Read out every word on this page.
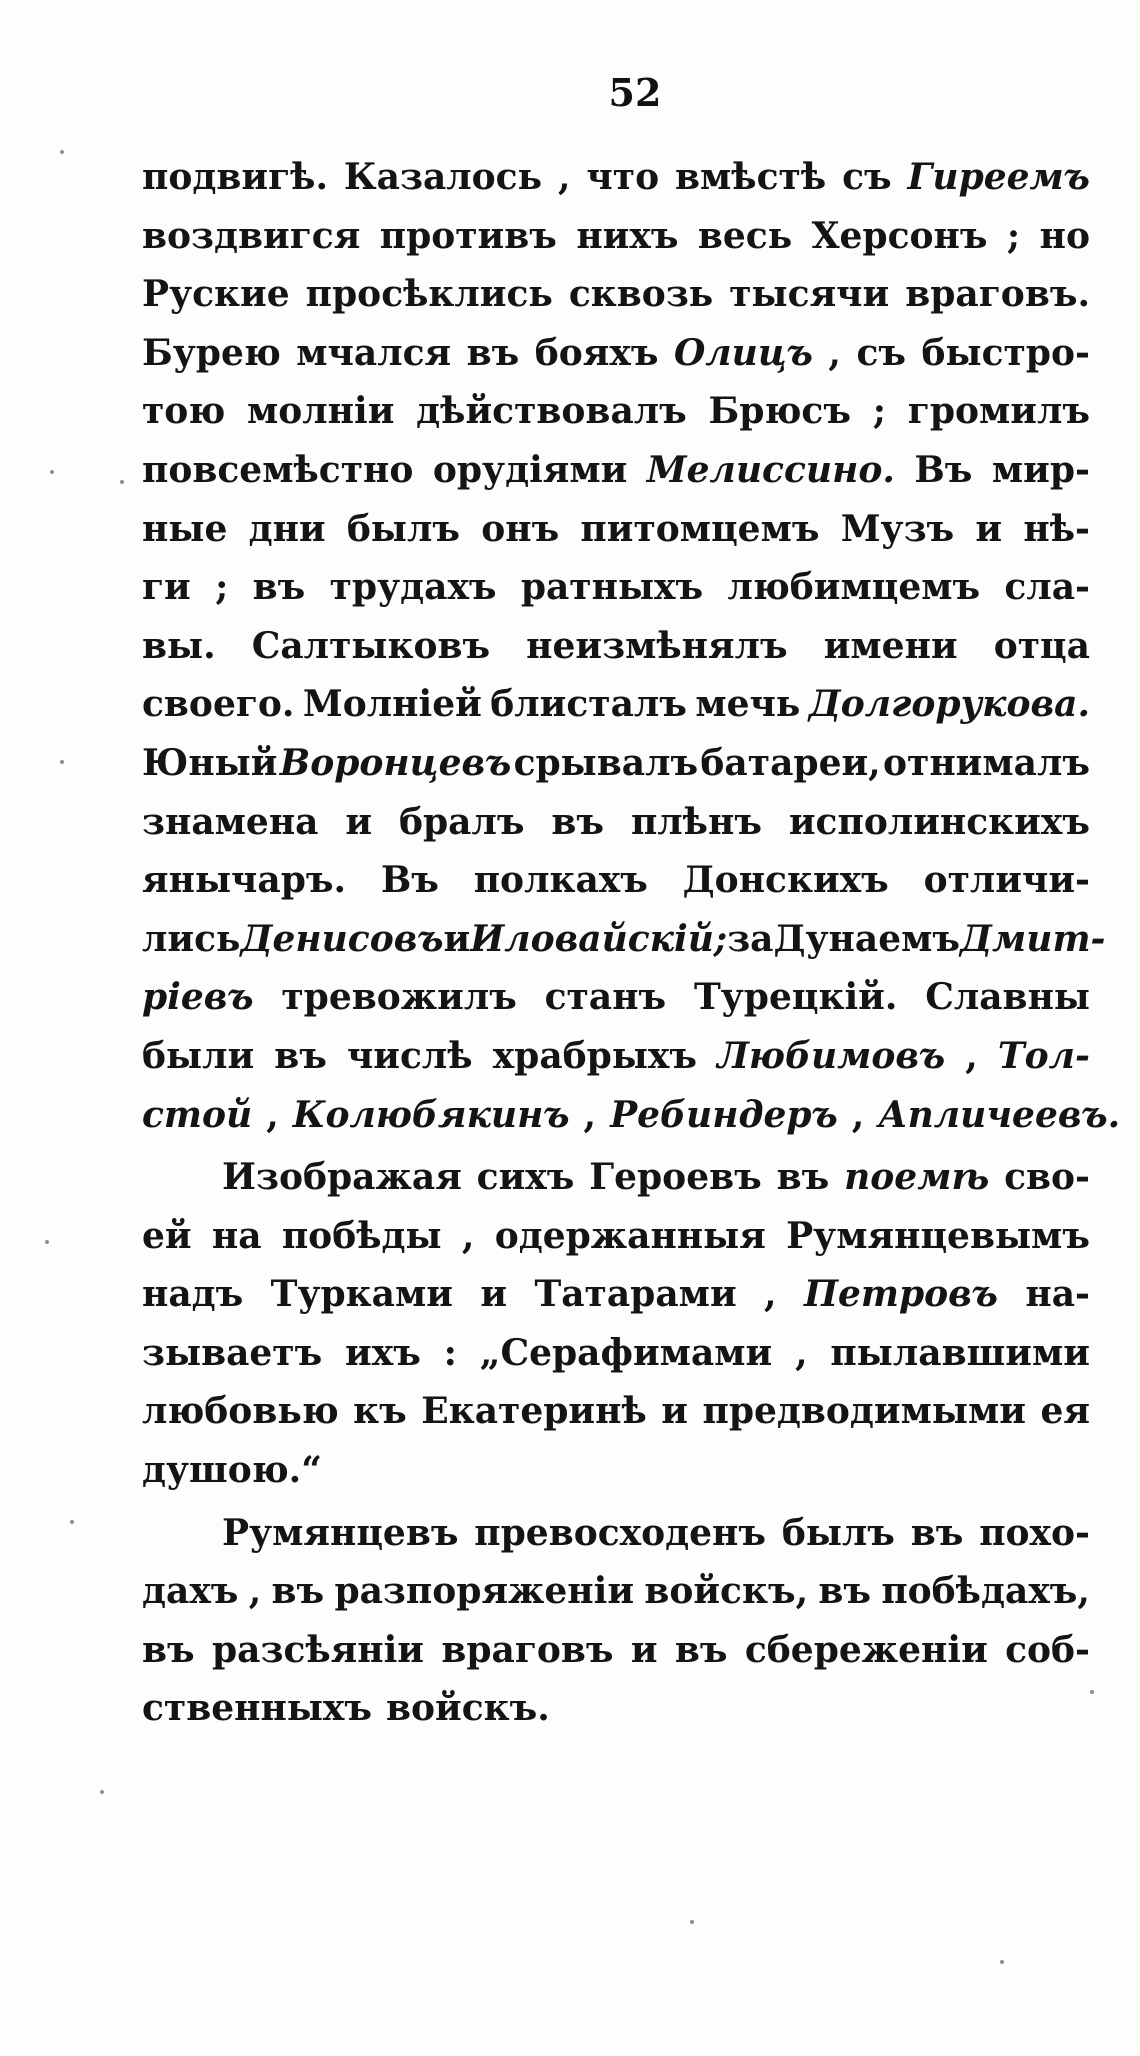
52
подвигѣ. Казалось , что вмѣстѣ съ Гиреемъ
воздвигся противъ нихъ весь Херсонъ ; но
Руские просѣклись сквозь тысячи враговъ.
Бурею мчался въ бояхъ Олицъ , съ быстро-
тою молніи дѣйствовалъ Брюсъ ; громилъ
повсемѣстно орудіями Мелиссино. Въ мир-
ные дни былъ онъ питомцемъ Музъ и нѣ-
ги ; въ трудахъ ратныхъ любимцемъ сла-
вы. Салтыковъ неизмѣнялъ имени отца
своего. Молніей блисталъ мечь Долгорукова.
Юный Воронцевъ срывалъ батареи, отнималъ
знамена и бралъ въ плѣнъ исполинскихъ
янычаръ. Въ полкахъ Донскихъ отличи-
лись Денисовъ и Иловайскій; за Дунаемъ Дмит-
ріевъ тревожилъ станъ Турецкій. Славны
были въ числѣ храбрыхъ Любимовъ , Тол-
стой , Колюбякинъ , Ребиндеръ , Апличеевъ.
Изображая сихъ Героевъ въ поемѣ сво-
ей на побѣды , одержанныя Румянцевымъ
надъ Турками и Татарами , Петровъ на-
зываетъ ихъ : „Серафимами , пылавшими
любовью къ Екатеринѣ и предводимыми ея
душою.“
Румянцевъ превосходенъ былъ въ похо-
дахъ , въ разпоряженіи войскъ, въ побѣдахъ,
въ разсѣяніи враговъ и въ сбереженіи соб-
ственныхъ войскъ.
